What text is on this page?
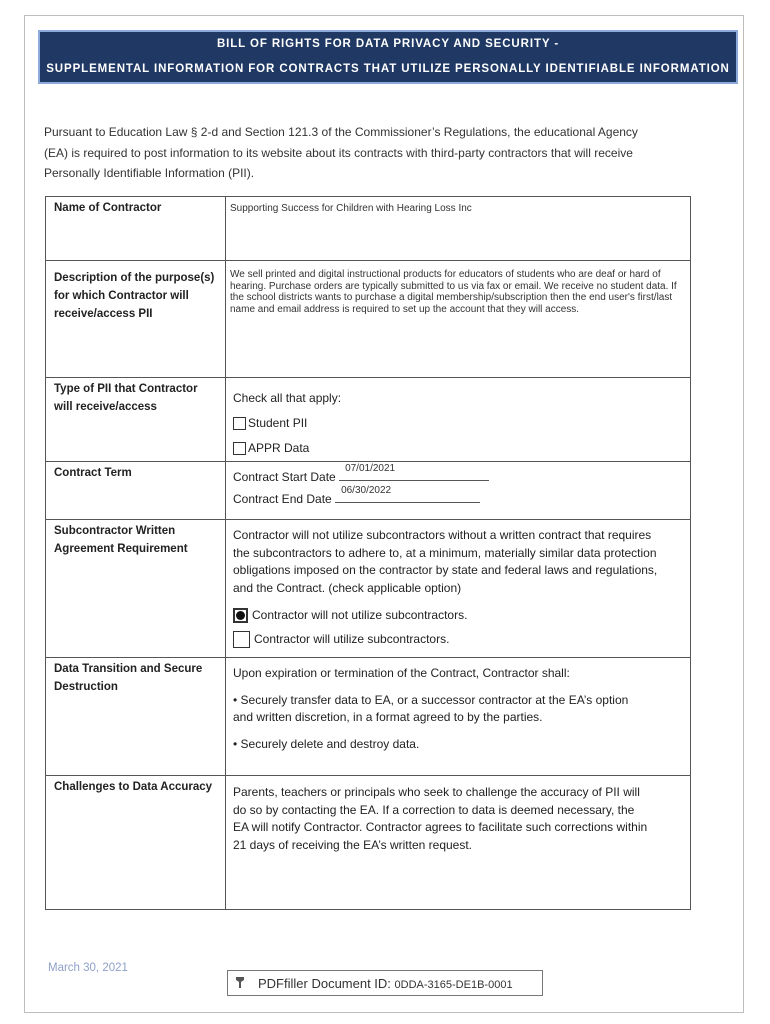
BILL OF RIGHTS FOR DATA PRIVACY AND SECURITY -
SUPPLEMENTAL INFORMATION FOR CONTRACTS THAT UTILIZE PERSONALLY IDENTIFIABLE INFORMATION
Pursuant to Education Law § 2-d and Section 121.3 of the Commissioner’s Regulations, the educational Agency
(EA) is required to post information to its website about its contracts with third-party contractors that will receive
Personally Identifiable Information (PII).
Name of Contractor	Supporting Success for Children with Hearing Loss Inc

Description of the purpose(s) for which Contractor will receive/access PII	We sell printed and digital instructional products for educators of students who are deaf or hard of hearing. Purchase orders are typically submitted to us via fax or email. We receive no student data. If the school districts wants to purchase a digital membership/subscription then the end user's first/last name and email address is required to set up the account that they will access.

Type of PII that Contractor will receive/access	Check all that apply:
Student PII
APPR Data

Contract Term	Contract Start Date
07/01/2021
Contract End Date
06/30/2022

Subcontractor Written Agreement Requirement	Contractor will not utilize subcontractors without a written contract that requires the subcontractors to adhere to, at a minimum, materially similar data protection obligations imposed on the contractor by state and federal laws and regulations, and the Contract. (check applicable option)
Contractor will not utilize subcontractors.
Contractor will utilize subcontractors.

Data Transition and Secure Destruction	Upon expiration or termination of the Contract, Contractor shall:
• Securely transfer data to EA, or a successor contractor at the EA’s option and written discretion, in a format agreed to by the parties.
• Securely delete and destroy data.

Challenges to Data Accuracy	Parents, teachers or principals who seek to challenge the accuracy of PII will do so by contacting the EA. If a correction to data is deemed necessary, the EA will notify Contractor. Contractor agrees to facilitate such corrections within 21 days of receiving the EA’s written request.
March 30, 2021
PDFfiller Document ID: 0DDA-3165-DE1B-0001
